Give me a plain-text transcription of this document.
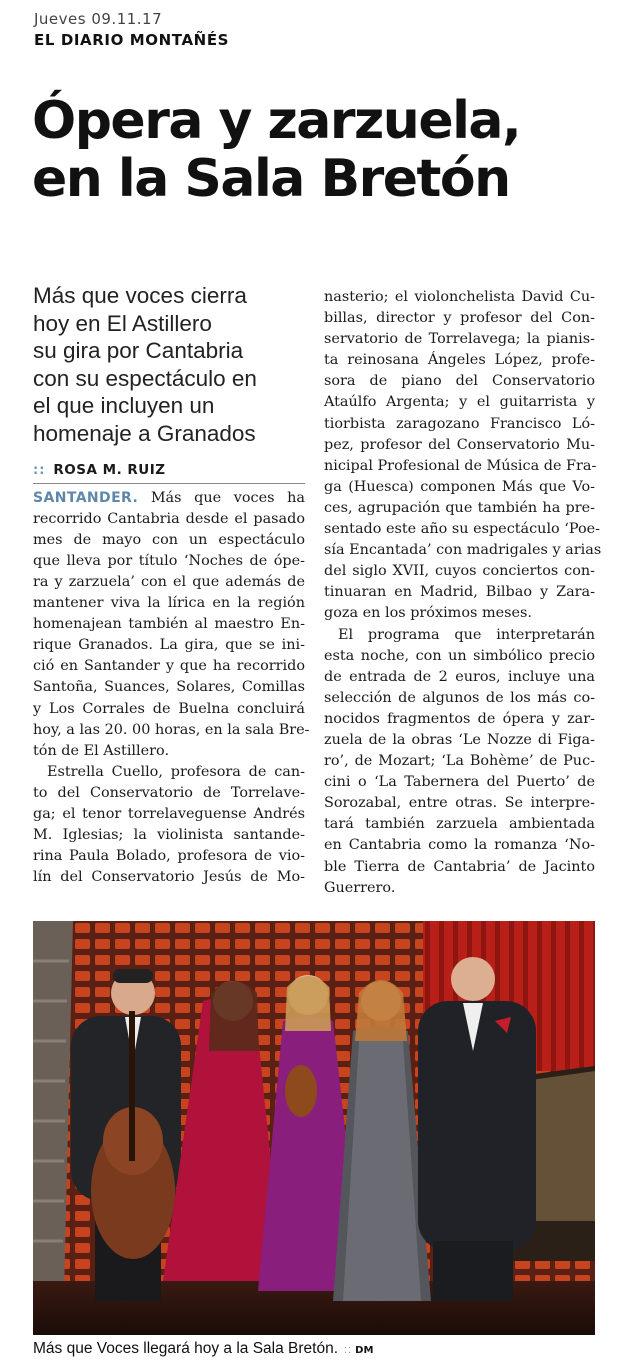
Jueves 09.11.17
EL DIARIO MONTAÑÉS
Ópera y zarzuela,
en la Sala Bretón
Más que voces cierra
hoy en El Astillero
su gira por Cantabria
con su espectáculo en
el que incluyen un
homenaje a Granados
:: ROSA M. RUIZ
SANTANDER. Más que voces ha
recorrido Cantabria desde el pasado
mes de mayo con un espectáculo
que lleva por título ‘Noches de ópe-
ra y zarzuela’ con el que además de
mantener viva la lírica en la región
homenajean también al maestro En-
rique Granados. La gira, que se ini-
ció en Santander y que ha recorrido
Santoña, Suances, Solares, Comillas
y Los Corrales de Buelna concluirá
hoy, a las 20. 00 horas, en la sala Bre-
tón de El Astillero.
Estrella Cuello, profesora de can-
to del Conservatorio de Torrelave-
ga; el tenor torrelaveguense Andrés
M. Iglesias; la violinista santande-
rina Paula Bolado, profesora de vio-
lín del Conservatorio Jesús de Mo-
nasterio; el violonchelista David Cu-
billas, director y profesor del Con-
servatorio de Torrelavega; la pianis-
ta reinosana Ángeles López, profe-
sora de piano del Conservatorio
Ataúlfo Argenta; y el guitarrista y
tiorbista zaragozano Francisco Ló-
pez, profesor del Conservatorio Mu-
nicipal Profesional de Música de Fra-
ga (Huesca) componen Más que Vo-
ces, agrupación que también ha pre-
sentado este año su espectáculo ‘Poe-
sía Encantada’ con madrigales y arias
del siglo XVII, cuyos conciertos con-
tinuaran en Madrid, Bilbao y Zara-
goza en los próximos meses.
El programa que interpretarán
esta noche, con un simbólico precio
de entrada de 2 euros, incluye una
selección de algunos de los más co-
nocidos fragmentos de ópera y zar-
zuela de la obras ‘Le Nozze di Figa-
ro’, de Mozart; ‘La Bohème’ de Puc-
cini o ‘La Tabernera del Puerto’ de
Sorozabal, entre otras. Se interpre-
tará también zarzuela ambientada
en Cantabria como la romanza ‘No-
ble Tierra de Cantabria’ de Jacinto
Guerrero.
Más que Voces llegará hoy a la Sala Bretón. :: DM
